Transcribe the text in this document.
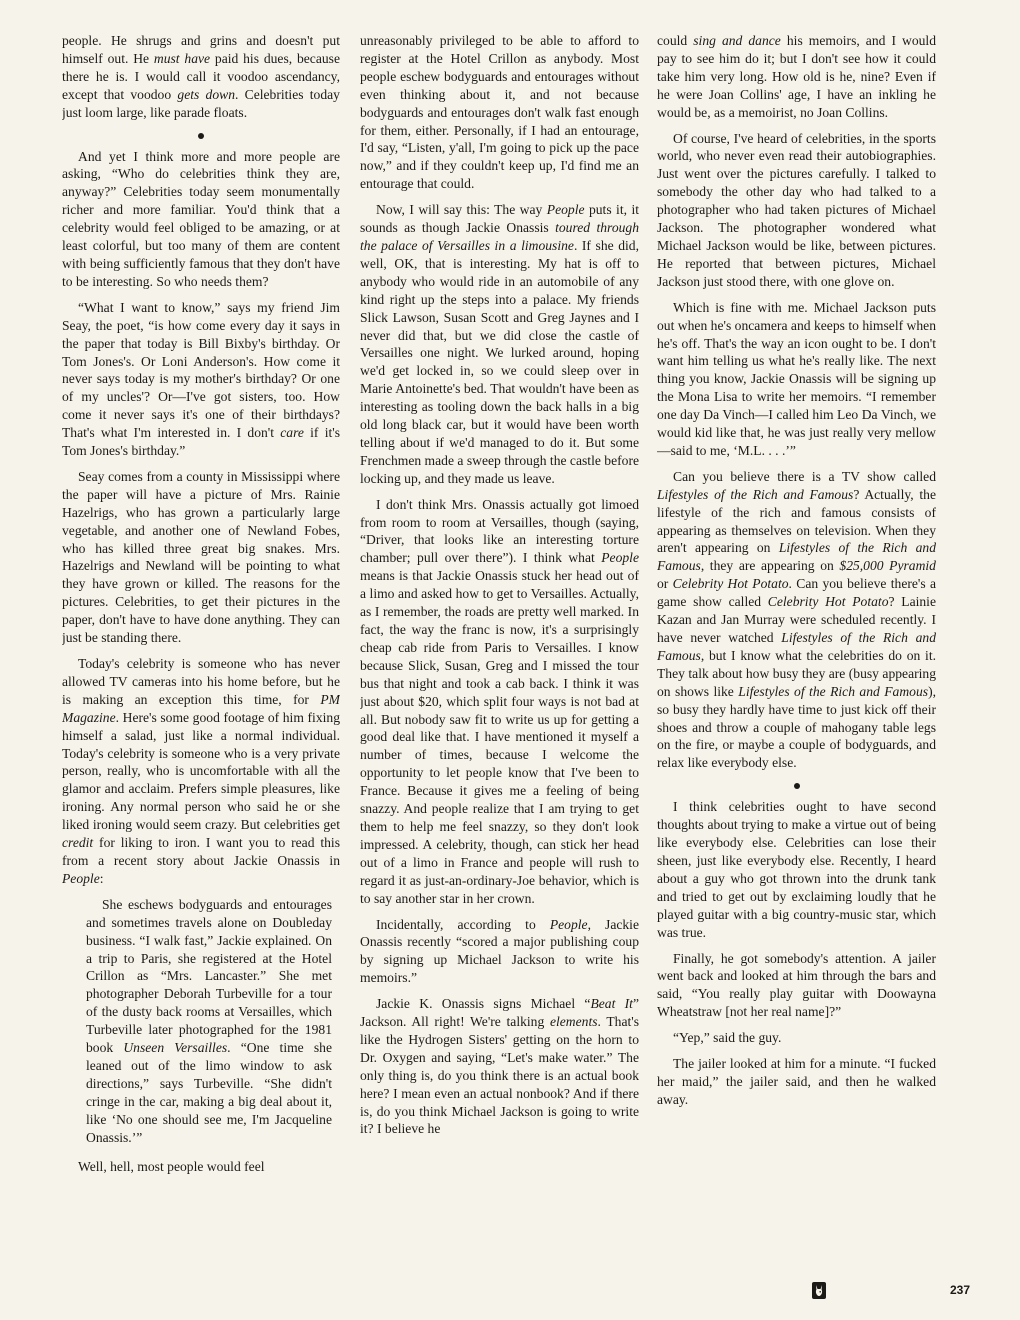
people. He shrugs and grins and doesn't put himself out. He must have paid his dues, because there he is. I would call it voodoo ascendancy, except that voodoo gets down. Celebrities today just loom large, like parade floats.

And yet I think more and more people are asking, “Who do celebrities think they are, anyway?” Celebrities today seem monumentally richer and more familiar. You'd think that a celebrity would feel obliged to be amazing, or at least colorful, but too many of them are content with being sufficiently famous that they don't have to be interesting. So who needs them?

“What I want to know,” says my friend Jim Seay, the poet, “is how come every day it says in the paper that today is Bill Bixby's birthday. Or Tom Jones's. Or Loni Anderson's. How come it never says today is my mother's birthday? Or one of my uncles'? Or—I've got sisters, too. How come it never says it's one of their birthdays? That's what I'm interested in. I don't care if it's Tom Jones's birthday.”

Seay comes from a county in Mississippi where the paper will have a picture of Mrs. Rainie Hazelrigs, who has grown a particularly large vegetable, and another one of Newland Fobes, who has killed three great big snakes. Mrs. Hazelrigs and Newland will be pointing to what they have grown or killed. The reasons for the pictures. Celebrities, to get their pictures in the paper, don't have to have done anything. They can just be standing there.

Today's celebrity is someone who has never allowed TV cameras into his home before, but he is making an exception this time, for PM Magazine. Here's some good footage of him fixing himself a salad, just like a normal individual. Today's celebrity is someone who is a very private person, really, who is uncomfortable with all the glamor and acclaim. Prefers simple pleasures, like ironing. Any normal person who said he or she liked ironing would seem crazy. But celebrities get credit for liking to iron. I want you to read this from a recent story about Jackie Onassis in People:

She eschews bodyguards and entourages and sometimes travels alone on Doubleday business. “I walk fast,” Jackie explained. On a trip to Paris, she registered at the Hotel Crillon as “Mrs. Lancaster.” She met photographer Deborah Turbeville for a tour of the dusty back rooms at Versailles, which Turbeville later photographed for the 1981 book Unseen Versailles. “One time she leaned out of the limo window to ask directions,” says Turbeville. “She didn't cringe in the car, making a big deal about it, like ‘No one should see me, I'm Jacqueline Onassis.’”

Well, hell, most people would feel

unreasonably privileged to be able to afford to register at the Hotel Crillon as anybody. Most people eschew bodyguards and entourages without even thinking about it, and not because bodyguards and entourages don't walk fast enough for them, either. Personally, if I had an entourage, I'd say, “Listen, y'all, I'm going to pick up the pace now,” and if they couldn't keep up, I'd find me an entourage that could.

Now, I will say this: The way People puts it, it sounds as though Jackie Onassis toured through the palace of Versailles in a limousine. If she did, well, OK, that is interesting. My hat is off to anybody who would ride in an automobile of any kind right up the steps into a palace. My friends Slick Lawson, Susan Scott and Greg Jaynes and I never did that, but we did close the castle of Versailles one night. We lurked around, hoping we'd get locked in, so we could sleep over in Marie Antoinette's bed. That wouldn't have been as interesting as tooling down the back halls in a big old long black car, but it would have been worth telling about if we'd managed to do it. But some Frenchmen made a sweep through the castle before locking up, and they made us leave.

I don't think Mrs. Onassis actually got limoed from room to room at Versailles, though (saying, “Driver, that looks like an interesting torture chamber; pull over there”). I think what People means is that Jackie Onassis stuck her head out of a limo and asked how to get to Versailles. Actually, as I remember, the roads are pretty well marked. In fact, the way the franc is now, it's a surprisingly cheap cab ride from Paris to Versailles. I know because Slick, Susan, Greg and I missed the tour bus that night and took a cab back. I think it was just about $20, which split four ways is not bad at all. But nobody saw fit to write us up for getting a good deal like that. I have mentioned it myself a number of times, because I welcome the opportunity to let people know that I've been to France. Because it gives me a feeling of being snazzy. And people realize that I am trying to get them to help me feel snazzy, so they don't look impressed. A celebrity, though, can stick her head out of a limo in France and people will rush to regard it as just-an-ordinary-Joe behavior, which is to say another star in her crown.

Incidentally, according to People, Jackie Onassis recently “scored a major publishing coup by signing up Michael Jackson to write his memoirs.”

Jackie K. Onassis signs Michael “Beat It” Jackson. All right! We're talking elements. That's like the Hydrogen Sisters' getting on the horn to Dr. Oxygen and saying, “Let's make water.” The only thing is, do you think there is an actual book here? I mean even an actual nonbook? And if there is, do you think Michael Jackson is going to write it? I believe he

could sing and dance his memoirs, and I would pay to see him do it; but I don't see how it could take him very long. How old is he, nine? Even if he were Joan Collins' age, I have an inkling he would be, as a memoirist, no Joan Collins.

Of course, I've heard of celebrities, in the sports world, who never even read their autobiographies. Just went over the pictures carefully. I talked to somebody the other day who had talked to a photographer who had taken pictures of Michael Jackson. The photographer wondered what Michael Jackson would be like, between pictures. He reported that between pictures, Michael Jackson just stood there, with one glove on.

Which is fine with me. Michael Jackson puts out when he's oncamera and keeps to himself when he's off. That's the way an icon ought to be. I don't want him telling us what he's really like. The next thing you know, Jackie Onassis will be signing up the Mona Lisa to write her memoirs. “I remember one day Da Vinch—I called him Leo Da Vinch, we would kid like that, he was just really very mellow—said to me, ‘M.L. . . .’”

Can you believe there is a TV show called Lifestyles of the Rich and Famous? Actually, the lifestyle of the rich and famous consists of appearing as themselves on television. When they aren't appearing on Lifestyles of the Rich and Famous, they are appearing on $25,000 Pyramid or Celebrity Hot Potato. Can you believe there's a game show called Celebrity Hot Potato? Lainie Kazan and Jan Murray were scheduled recently. I have never watched Lifestyles of the Rich and Famous, but I know what the celebrities do on it. They talk about how busy they are (busy appearing on shows like Lifestyles of the Rich and Famous), so busy they hardly have time to just kick off their shoes and throw a couple of mahogany table legs on the fire, or maybe a couple of bodyguards, and relax like everybody else.

I think celebrities ought to have second thoughts about trying to make a virtue out of being like everybody else. Celebrities can lose their sheen, just like everybody else. Recently, I heard about a guy who got thrown into the drunk tank and tried to get out by exclaiming loudly that he played guitar with a big country-music star, which was true.

Finally, he got somebody's attention. A jailer went back and looked at him through the bars and said, “You really play guitar with Doowayna Wheatstraw [not her real name]?”

“Yep,” said the guy.

The jailer looked at him for a minute. “I fucked her maid,” the jailer said, and then he walked away.

237
